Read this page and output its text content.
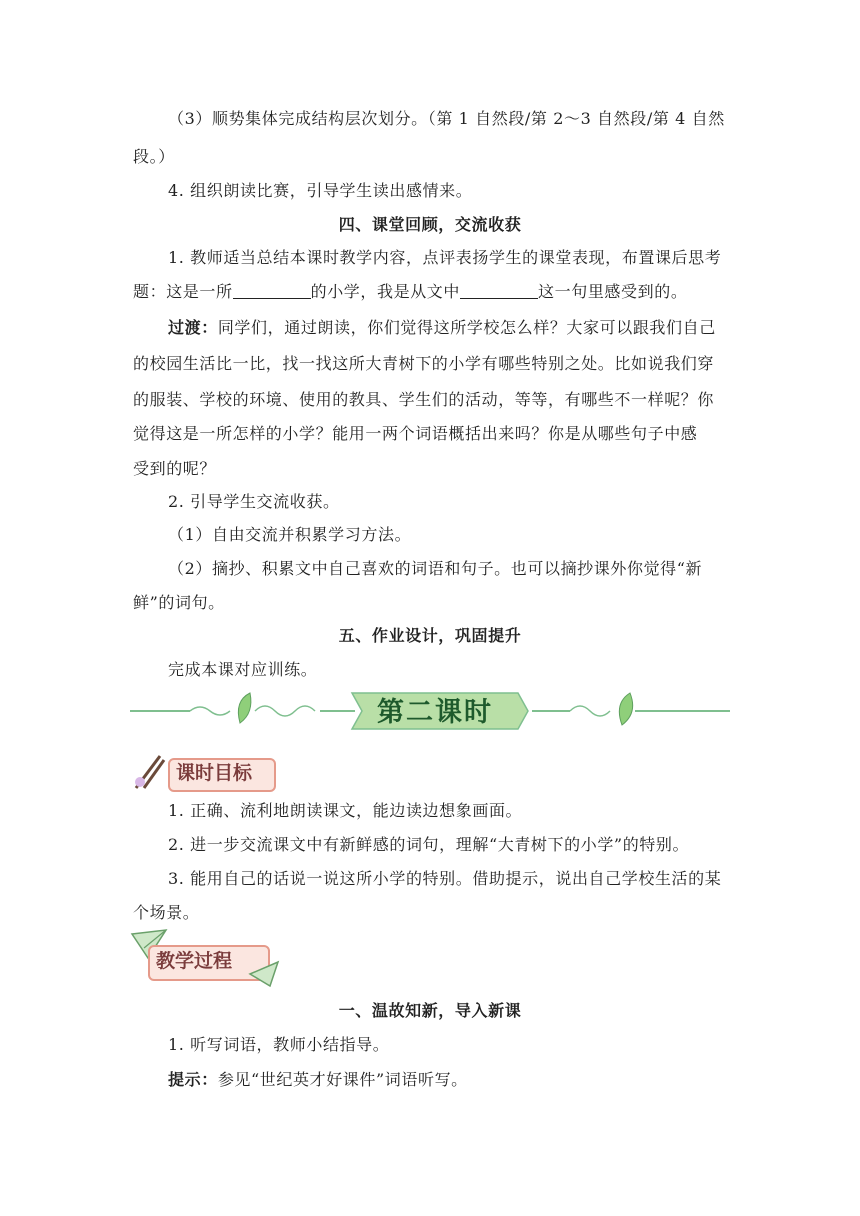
（3）顺势集体完成结构层次划分。（第 1 自然段/第 2～3 自然段/第 4 自然
段。）
4. 组织朗读比赛，引导学生读出感情来。
四、课堂回顾，交流收获
1. 教师适当总结本课时教学内容，点评表扬学生的课堂表现，布置课后思考
题：这是一所	的小学，我是从文中	这一句里感受到的。
过渡：同学们，通过朗读，你们觉得这所学校怎么样？大家可以跟我们自己
的校园生活比一比，找一找这所大青树下的小学有哪些特别之处。比如说我们穿
的服装、学校的环境、使用的教具、学生们的活动，等等，有哪些不一样呢？你
觉得这是一所怎样的小学？能用一两个词语概括出来吗？你是从哪些句子中感
受到的呢？
2. 引导学生交流收获。
（1）自由交流并积累学习方法。
（2）摘抄、积累文中自己喜欢的词语和句子。也可以摘抄课外你觉得“新
鲜”的词句。
五、作业设计，巩固提升
完成本课对应训练。
第二课时
课时目标
1. 正确、流利地朗读课文，能边读边想象画面。
2. 进一步交流课文中有新鲜感的词句，理解“大青树下的小学”的特别。
3. 能用自己的话说一说这所小学的特别。借助提示，说出自己学校生活的某
个场景。
教学过程
一、温故知新，导入新课
1. 听写词语，教师小结指导。
提示：参见“世纪英才好课件”词语听写。
